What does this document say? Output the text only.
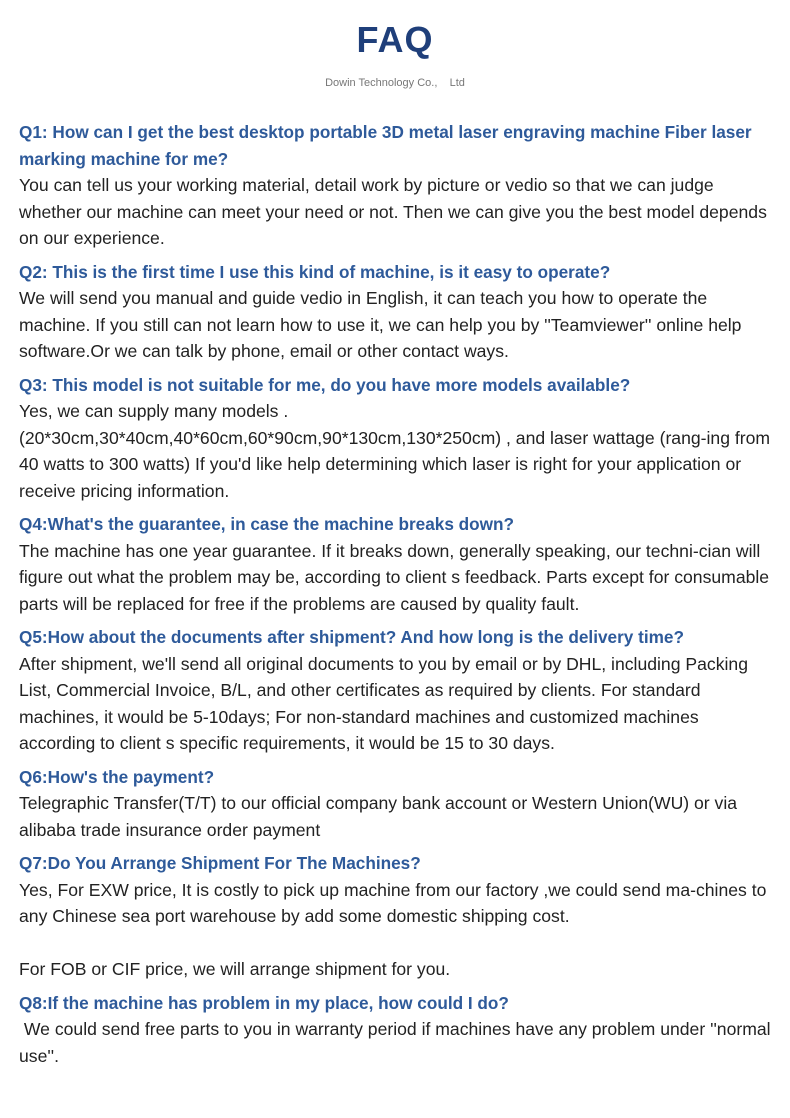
FAQ
Dowin Technology Co.,    Ltd

Q1: How can I get the best desktop portable 3D metal laser engraving machine Fiber laser marking machine for me?

You can tell us your working material, detail work by picture or vedio so that we can judge whether our machine can meet your need or not. Then we can give you the best model depends on our experience.

Q2: This is the first time I use this kind of machine, is it easy to operate?

We will send you manual and guide vedio in English, it can teach you how to operate the machine. If you still can not learn how to use it, we can help you by ''Teamviewer'' online help software.Or we can talk by phone, email or other contact ways.

Q3: This model is not suitable for me, do you have more models available?

Yes, we can supply many models .

(20*30cm,30*40cm,40*60cm,60*90cm,90*130cm,130*250cm) , and laser wattage (rang-ing from 40 watts to 300 watts) If you'd like help determining which laser is right for your application or receive pricing information.

Q4:What's the guarantee, in case the machine breaks down?

The machine has one year guarantee. If it breaks down, generally speaking, our techni-cian will figure out what the problem may be, according to client s feedback. Parts except for consumable parts will be replaced for free if the problems are caused by quality fault.

Q5:How about the documents after shipment? And how long is the delivery time?

After shipment, we'll send all original documents to you by email or by DHL, including Packing List, Commercial Invoice, B/L, and other certificates as required by clients. For standard machines, it would be 5-10days; For non-standard machines and customized machines according to client s specific requirements, it would be 15 to 30 days.

Q6:How's the payment?

Telegraphic Transfer(T/T) to our official company bank account or Western Union(WU) or via alibaba trade insurance order payment

Q7:Do You Arrange Shipment For The Machines?

Yes, For EXW price, It is costly to pick up machine from our factory ,we could send ma-chines to any Chinese sea port warehouse by add some domestic shipping cost.

For FOB or CIF price, we will arrange shipment for you.

Q8:If the machine has problem in my place, how could I do?

We could send free parts to you in warranty period if machines have any problem under ''normal use''.
